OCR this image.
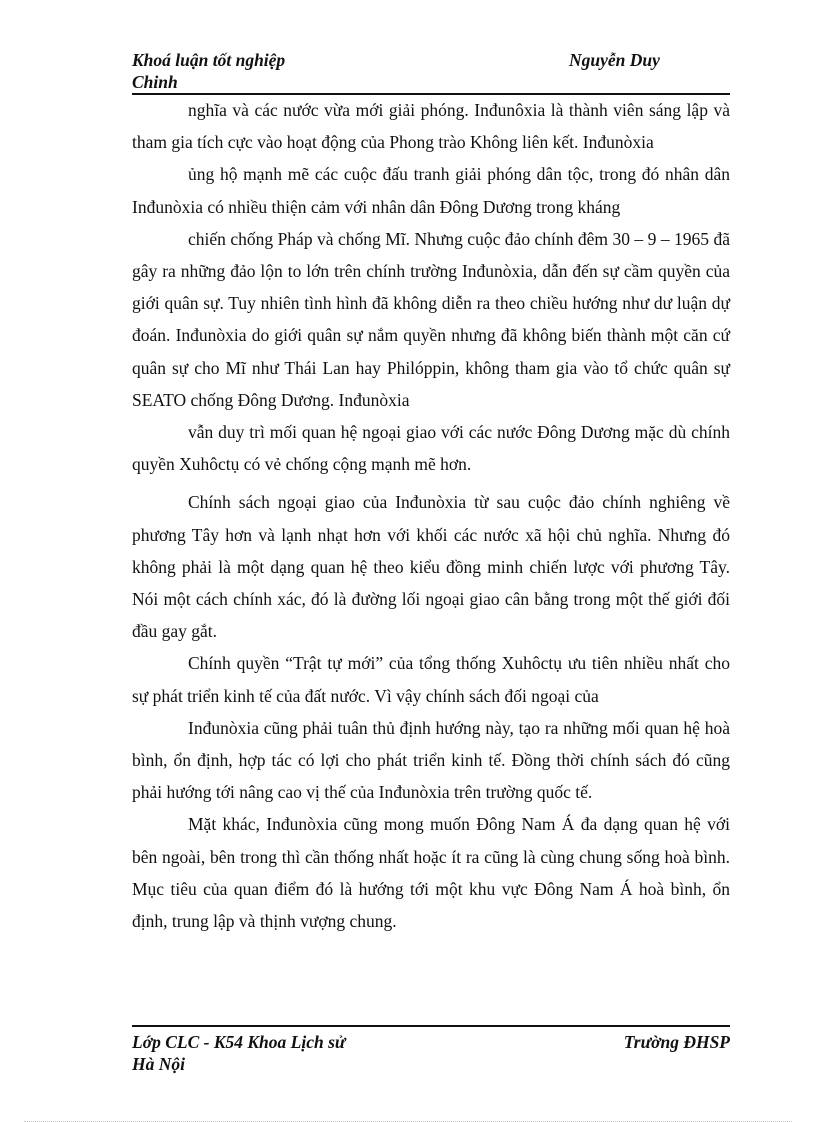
Khoá luận tốt nghiệp	Nguyễn Duy
Chinh

nghĩa và các nước vừa mới giải phóng. Inđunôxia là thành viên sáng lập và tham gia tích cực vào hoạt động của Phong trào Không liên kết. Inđunòxia

ủng hộ mạnh mẽ các cuộc đấu tranh giải phóng dân tộc, trong đó nhân dân Inđunòxia có nhiều thiện cảm với nhân dân Đông Dương trong kháng

chiến chống Pháp và chống Mĩ. Nhưng cuộc đảo chính đêm 30 – 9 – 1965 đã gây ra những đảo lộn to lớn trên chính trường Inđunòxia, dẫn đến sự cầm quyền của giới quân sự. Tuy nhiên tình hình đã không diễn ra theo chiều hướng như dư luận dự đoán. Inđunòxia do giới quân sự nắm quyền nhưng đã không biến thành một căn cứ quân sự cho Mĩ như Thái Lan hay Philóppin, không tham gia vào tổ chức quân sự SEATO chống Đông Dương. Inđunòxia

vẫn duy trì mối quan hệ ngoại giao với các nước Đông Dương mặc dù chính quyền Xuhôctụ có vẻ chống cộng mạnh mẽ hơn.

Chính sách ngoại giao của Inđunòxia từ sau cuộc đảo chính nghiêng về phương Tây hơn và lạnh nhạt hơn với khối các nước xã hội chủ nghĩa. Nhưng đó không phải là một dạng quan hệ theo kiểu đồng minh chiến lược với phương Tây. Nói một cách chính xác, đó là đường lối ngoại giao cân bằng trong một thế giới đối đầu gay gắt.

Chính quyền “Trật tự mới” của tổng thống Xuhôctụ ưu tiên nhiều nhất cho sự phát triển kinh tế của đất nước. Vì vậy chính sách đối ngoại của

Inđunòxia cũng phải tuân thủ định hướng này, tạo ra những mối quan hệ hoà bình, ổn định, hợp tác có lợi cho phát triển kinh tế. Đồng thời chính sách đó cũng phải hướng tới nâng cao vị thế của Inđunòxia trên trường quốc tế.

Mặt khác, Inđunòxia cũng mong muốn Đông Nam Á đa dạng quan hệ với bên ngoài, bên trong thì cần thống nhất hoặc ít ra cũng là cùng chung sống hoà bình. Mục tiêu của quan điểm đó là hướng tới một khu vực Đông Nam Á hoà bình, ổn định, trung lập và thịnh vượng chung.

Lớp CLC - K54 Khoa Lịch sử	Trường ĐHSP
Hà Nội
